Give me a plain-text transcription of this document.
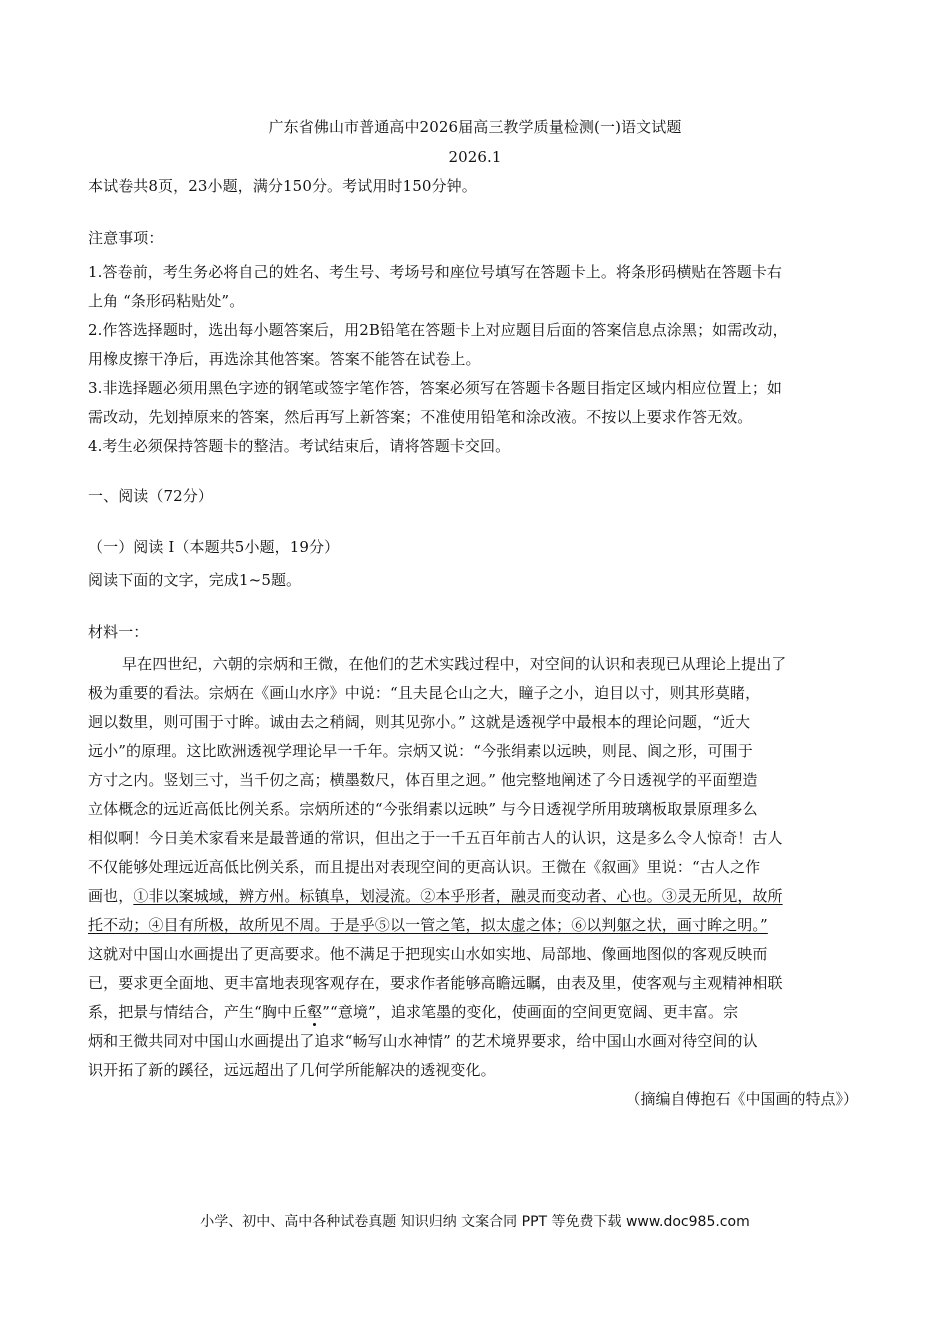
广东省佛山市普通高中2026届高三教学质量检测(一)语文试题
2026.1
本试卷共8页，23小题，满分150分。考试用时150分钟。
注意事项：
1.答卷前，考生务必将自己的姓名、考生号、考场号和座位号填写在答题卡上。将条形码横贴在答题卡右
上角 “条形码粘贴处”。
2.作答选择题时，选出每小题答案后，用2B铅笔在答题卡上对应题目后面的答案信息点涂黑；如需改动，
用橡皮擦干净后，再选涂其他答案。答案不能答在试卷上。
3.非选择题必须用黑色字迹的钢笔或签字笔作答，答案必须写在答题卡各题目指定区域内相应位置上；如
需改动，先划掉原来的答案，然后再写上新答案；不准使用铅笔和涂改液。不按以上要求作答无效。
4.考生必须保持答题卡的整洁。考试结束后，请将答题卡交回。
一、阅读（72分）
（一）阅读 I（本题共5小题，19分）
阅读下面的文字，完成1~5题。
材料一：
早在四世纪，六朝的宗炳和王微，在他们的艺术实践过程中，对空间的认识和表现已从理论上提出了
极为重要的看法。宗炳在《画山水序》中说：“且夫昆仑山之大，瞳子之小，迫目以寸，则其形莫睹，
迥以数里，则可围于寸眸。诚由去之稍阔，则其见弥小。” 这就是透视学中最根本的理论问题，“近大
远小”的原理。这比欧洲透视学理论早一千年。宗炳又说：“今张绢素以远映，则昆、阆之形，可围于
方寸之内。竖划三寸，当千仞之高；横墨数尺，体百里之迥。” 他完整地阐述了今日透视学的平面塑造
立体概念的远近高低比例关系。宗炳所述的“今张绢素以远映” 与今日透视学所用玻璃板取景原理多么
相似啊！今日美术家看来是最普通的常识，但出之于一千五百年前古人的认识，这是多么令人惊奇！古人
不仅能够处理远近高低比例关系，而且提出对表现空间的更高认识。王微在《叙画》里说：“古人之作
画也，①非以案城域，辨方州。标镇阜，划浸流。②本乎形者，融灵而变动者、心也。③灵无所见，故所
托不动；④目有所极，故所见不周。于是乎⑤以一管之笔，拟太虚之体；⑥以判躯之状，画寸眸之明。”
这就对中国山水画提出了更高要求。他不满足于把现实山水如实地、局部地、像画地图似的客观反映而
已，要求更全面地、更丰富地表现客观存在，要求作者能够高瞻远瞩，由表及里，使客观与主观精神相联
系，把景与情结合，产生“胸中丘壑”“意境”，追求笔墨的变化，使画面的空间更宽阔、更丰富。宗
炳和王微共同对中国山水画提出了追求“畅写山水神情” 的艺术境界要求，给中国山水画对待空间的认
识开拓了新的蹊径，远远超出了几何学所能解决的透视变化。
（摘编自傅抱石《中国画的特点》）
小学、初中、高中各种试卷真题 知识归纳 文案合同 PPT 等免费下载 www.doc985.com
